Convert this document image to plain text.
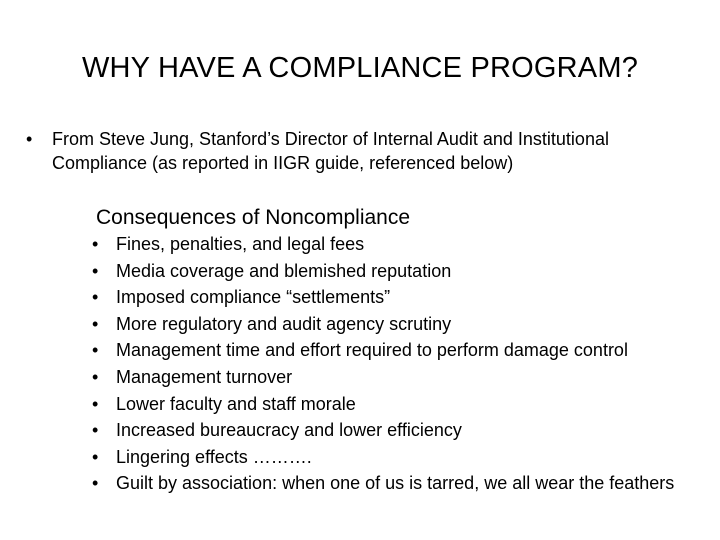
WHY HAVE A COMPLIANCE PROGRAM?
• From Steve Jung, Stanford’s Director of Internal Audit and Institutional Compliance (as reported in IIGR guide, referenced below)
Consequences of Noncompliance
• Fines, penalties, and legal fees
• Media coverage and blemished reputation
• Imposed compliance “settlements”
• More regulatory and audit agency scrutiny
• Management time and effort required to perform damage control
• Management turnover
• Lower faculty and staff morale
• Increased bureaucracy and lower efficiency
• Lingering effects ……….
• Guilt by association: when one of us is tarred, we all wear the feathers
